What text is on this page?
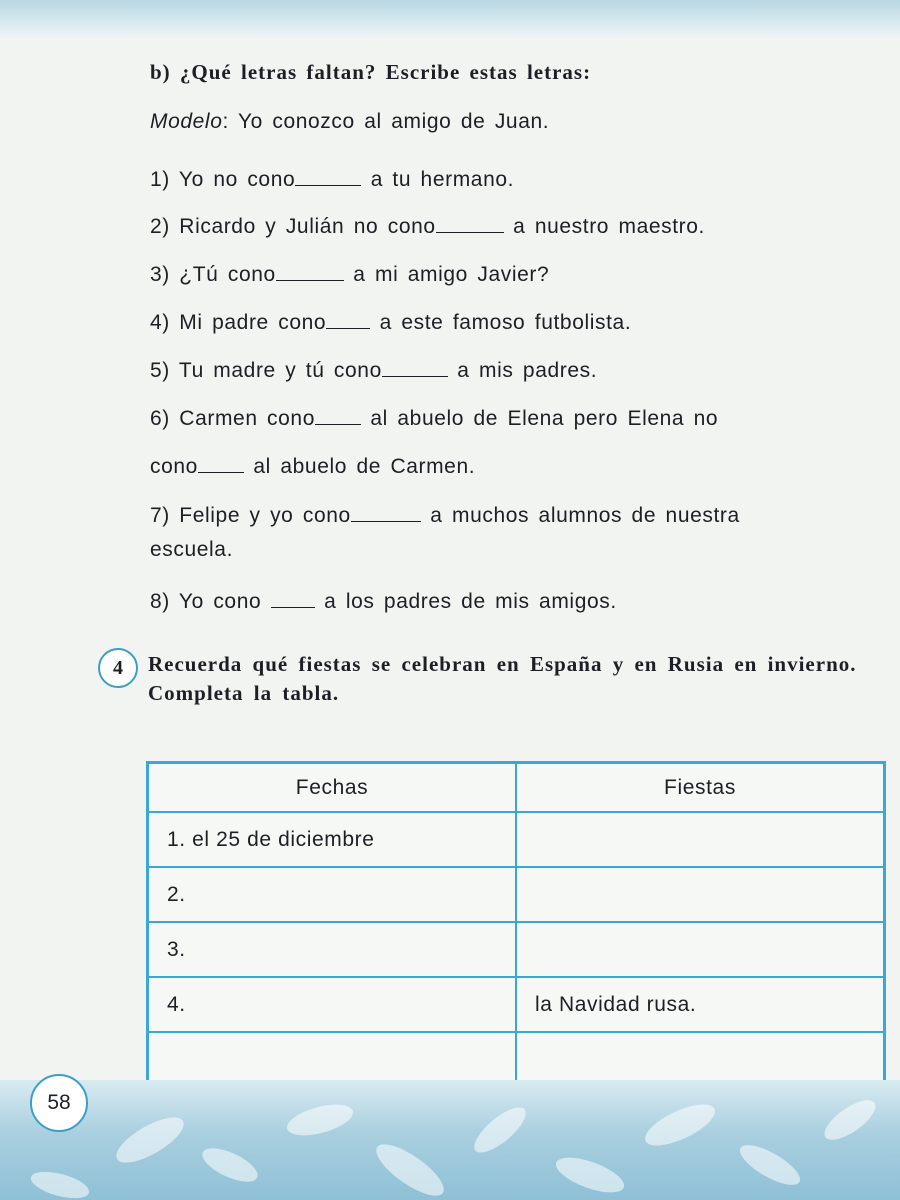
b) ¿Qué letras faltan? Escribe estas letras:
Modelo: Yo conozco al amigo de Juan.
1) Yo no cono	a tu hermano.
2) Ricardo y Julián no cono	a nuestro maestro.
3) ¿Tú cono	a mi amigo Javier?
4) Mi padre cono a este famoso futbolista.
5) Tu madre y tú cono	a mis padres.
6) Carmen cono al abuelo de Elena pero Elena no
cono al abuelo de Carmen.
7) Felipe y yo cono	a muchos alumnos de nuestra
escuela.
8) Yo cono  a los padres de mis amigos.
4	Recuerda qué fiestas se celebran en España y en Rusia en invierno. Completa la tabla.
Fechas	Fiestas
1. el 25 de diciembre	
2.	
3.	
4.	la Navidad rusa.

58
